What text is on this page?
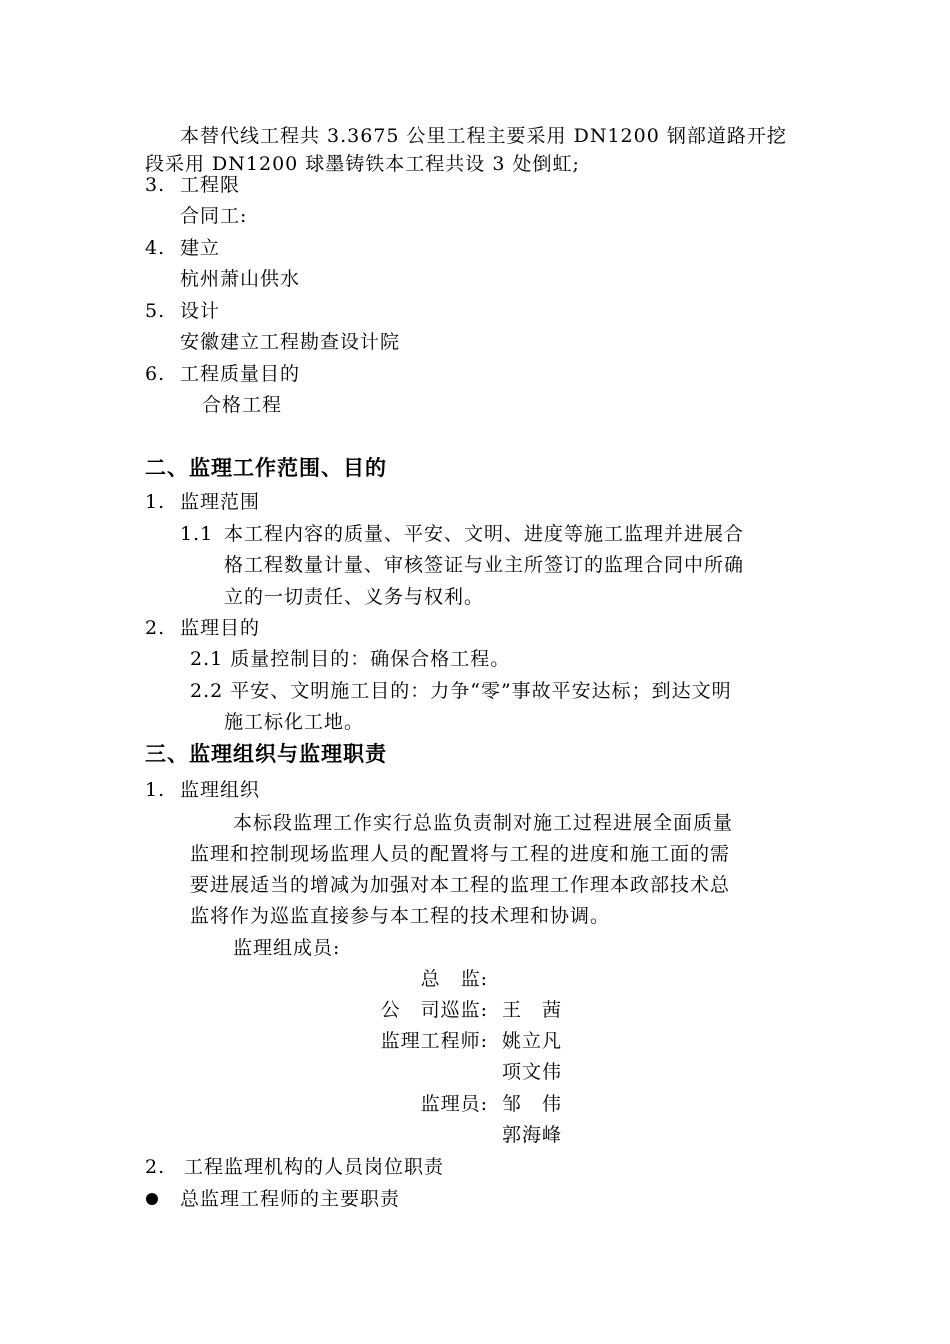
本替代线工程共 3.3675 公里工程主要采用 DN1200 钢部道路开挖
段采用 DN1200 球墨铸铁本工程共设 3 处倒虹;
3. 工程限
合同工:
4. 建立
杭州萧山供水
5. 设计
安徽建立工程勘查设计院
6. 工程质量目的
合格工程
二、监理工作范围、目的
1. 监理范围
1.1 本工程内容的质量、平安、文明、进度等施工监理并进展合
格工程数量计量、审核签证与业主所签订的监理合同中所确
立的一切责任、义务与权利。
2. 监理目的
2.1 质量控制目的：确保合格工程。
2.2 平安、文明施工目的：力争“零”事故平安达标；到达文明
施工标化工地。
三、监理组织与监理职责
1. 监理组织
本标段监理工作实行总监负责制对施工过程进展全面质量
监理和控制现场监理人员的配置将与工程的进度和施工面的需
要进展适当的增减为加强对本工程的监理工作理本政部技术总
监将作为巡监直接参与本工程的技术理和协调。
监理组成员:
总　监:
公　司巡监: 王　茜
监理工程师: 姚立凡
项文伟
监理员: 邹　伟
郭海峰
2. 工程监理机构的人员岗位职责
总监理工程师的主要职责
